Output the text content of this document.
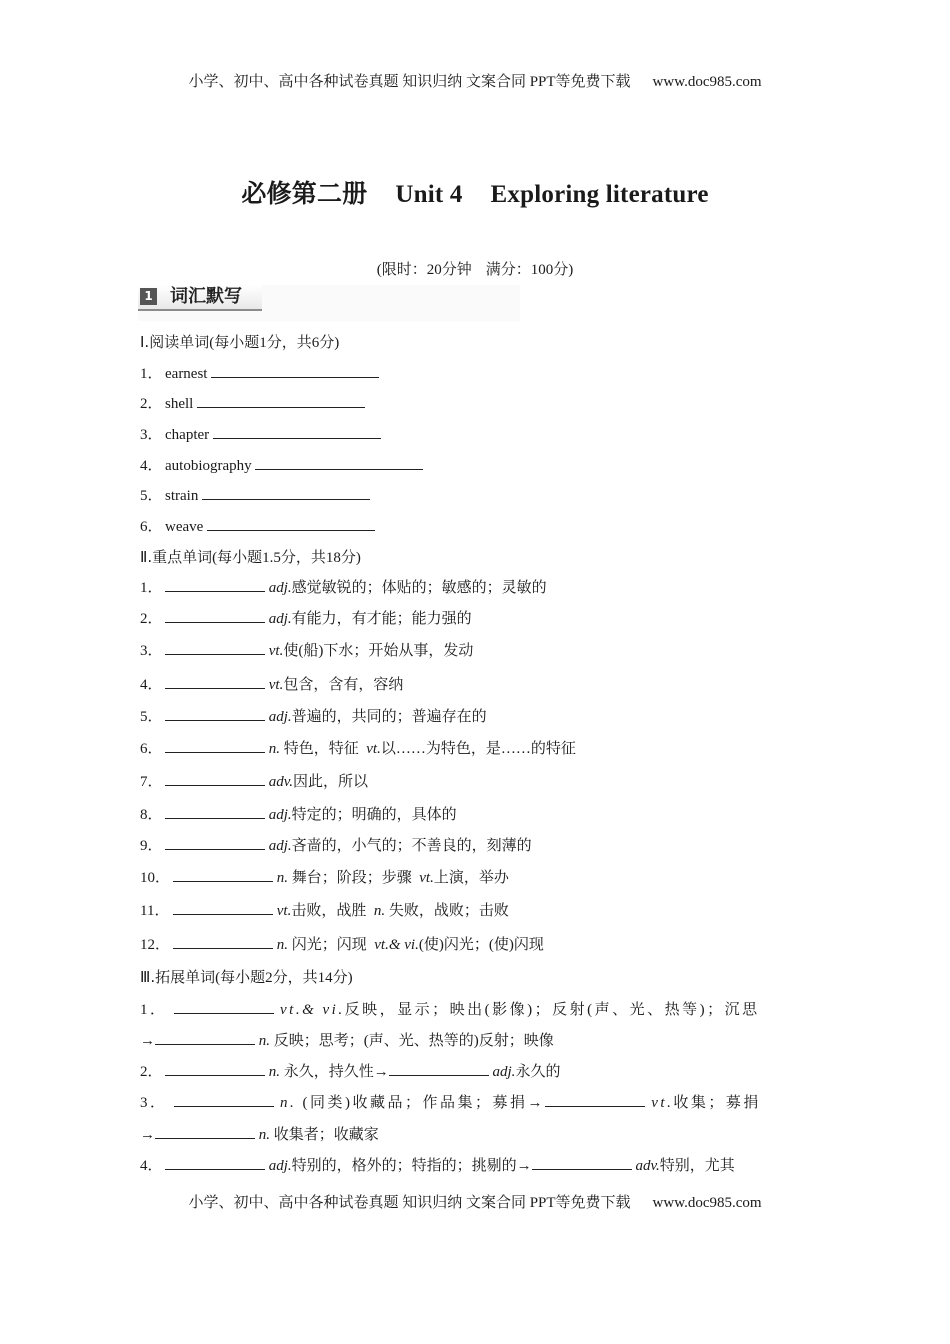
小学、初中、高中各种试卷真题 知识归纳 文案合同 PPT等免费下载 www.doc985.com
必修第二册 Unit 4 Exploring literature
(限时：20分钟 满分：100分)
1 词汇默写
Ⅰ.阅读单词(每小题1分，共6分)
1． earnest
2． shell
3． chapter
4． autobiography
5． strain
6． weave
Ⅱ.重点单词(每小题1.5分，共18分)
1．	adj.感觉敏锐的；体贴的；敏感的；灵敏的
2．	adj.有能力，有才能；能力强的
3．	vt.使(船)下水；开始从事，发动
4．	vt.包含，含有，容纳
5．	adj.普遍的，共同的；普遍存在的
6．	n. 特色，特征 vt.以……为特色，是……的特征
7．	adv.因此，所以
8．	adj.特定的；明确的，具体的
9．	adj.吝啬的，小气的；不善良的，刻薄的
10．	n. 舞台；阶段；步骤 vt.上演，举办
11．	vt.击败，战胜 n. 失败，战败；击败
12．	n. 闪光；闪现 vt.& vi.(使)闪光；(使)闪现
Ⅲ.拓展单词(每小题2分，共14分)
1．	vt.& vi.反映，显示；映出(影像)；反射(声、光、热等)；沉思
→	n. 反映；思考；(声、光、热等的)反射；映像
2．	n. 永久，持久性→	adj.永久的
3．	n. (同类)收藏品；作品集；募捐→	vt.收集；募捐
→	n. 收集者；收藏家
4．	adj.特别的，格外的；特指的；挑剔的→	adv.特别，尤其
小学、初中、高中各种试卷真题 知识归纳 文案合同 PPT等免费下载 www.doc985.com
